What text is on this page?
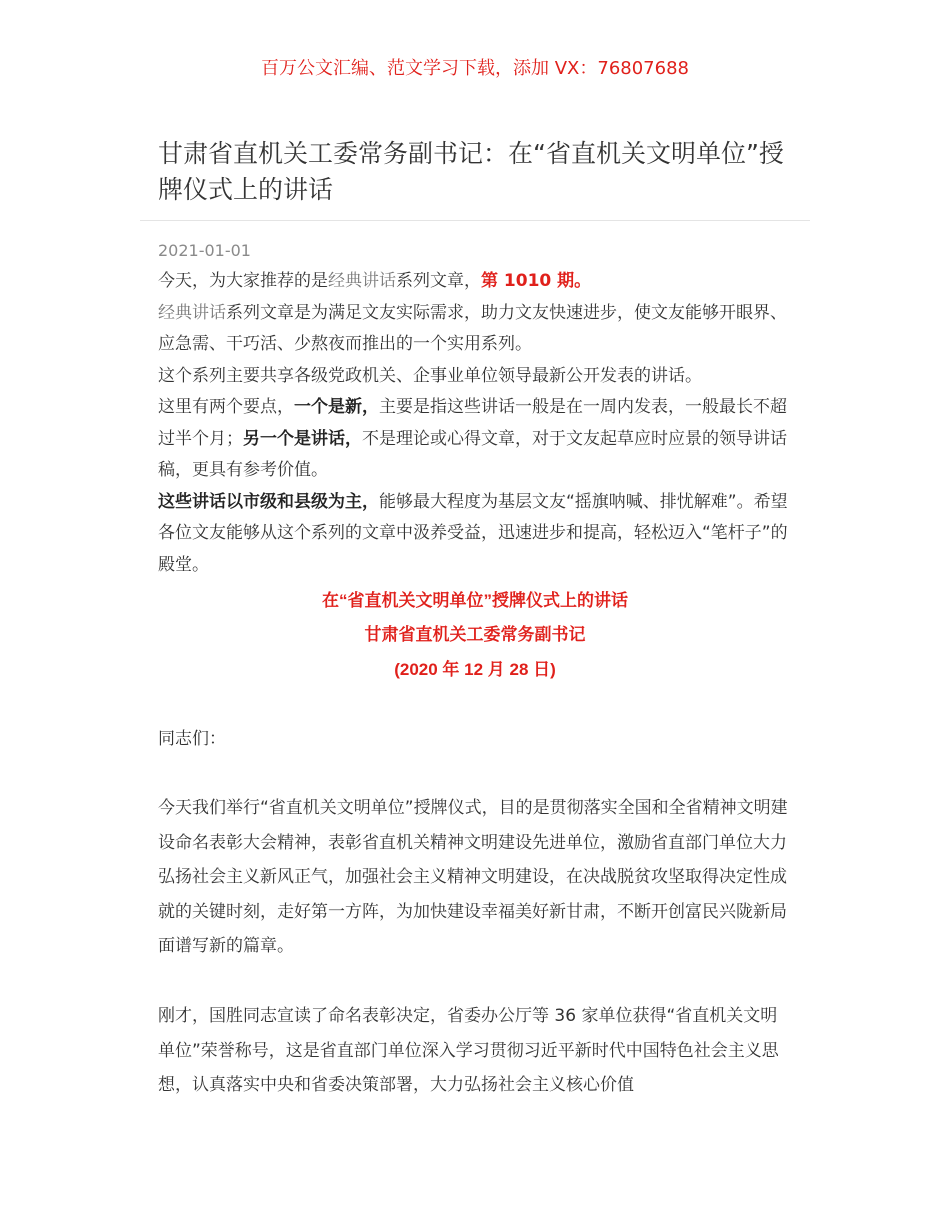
百万公文汇编、范文学习下载，添加 VX：76807688
甘肃省直机关工委常务副书记：在“省直机关文明单位”授牌仪式上的讲话
2021-01-01

今天，为大家推荐的是经典讲话系列文章，第 1010 期。

经典讲话系列文章是为满足文友实际需求，助力文友快速进步，使文友能够开眼界、应急需、干巧活、少熬夜而推出的一个实用系列。

这个系列主要共享各级党政机关、企事业单位领导最新公开发表的讲话。

这里有两个要点，一个是新，主要是指这些讲话一般是在一周内发表，一般最长不超过半个月；另一个是讲话，不是理论或心得文章，对于文友起草应时应景的领导讲话稿，更具有参考价值。

这些讲话以市级和县级为主，能够最大程度为基层文友“摇旗呐喊、排忧解难”。希望各位文友能够从这个系列的文章中汲养受益，迅速进步和提高，轻松迈入“笔杆子”的殿堂。

在“省直机关文明单位”授牌仪式上的讲话
甘肃省直机关工委常务副书记
(2020 年 12 月 28 日)

同志们：

今天我们举行“省直机关文明单位”授牌仪式，目的是贯彻落实全国和全省精神文明建设命名表彰大会精神，表彰省直机关精神文明建设先进单位，激励省直部门单位大力弘扬社会主义新风正气，加强社会主义精神文明建设，在决战脱贫攻坚取得决定性成就的关键时刻，走好第一方阵，为加快建设幸福美好新甘肃，不断开创富民兴陇新局面谱写新的篇章。

刚才，国胜同志宣读了命名表彰决定，省委办公厅等 36 家单位获得“省直机关文明单位”荣誉称号，这是省直部门单位深入学习贯彻习近平新时代中国特色社会主义思想，认真落实中央和省委决策部署，大力弘扬社会主义核心价值
